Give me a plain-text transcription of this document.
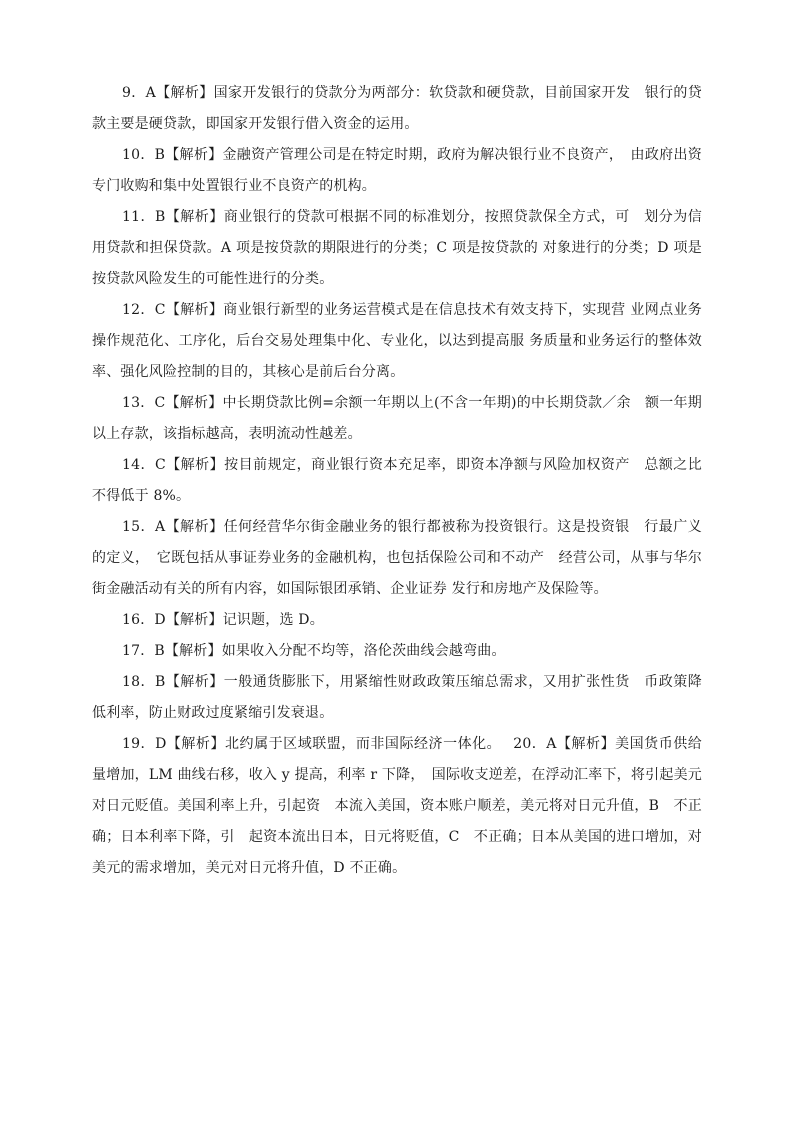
9．A【解析】国家开发银行的贷款分为两部分：软贷款和硬贷款，目前国家开发　银行的贷款主要是硬贷款，即国家开发银行借入资金的运用。

10．B【解析】金融资产管理公司是在特定时期，政府为解决银行业不良资产，　由政府出资专门收购和集中处置银行业不良资产的机构。

11．B【解析】商业银行的贷款可根据不同的标准划分，按照贷款保全方式，可　划分为信用贷款和担保贷款。A 项是按贷款的期限进行的分类；C 项是按贷款的 对象进行的分类；D 项是按贷款风险发生的可能性进行的分类。

12．C【解析】商业银行新型的业务运营模式是在信息技术有效支持下，实现营 业网点业务操作规范化、工序化，后台交易处理集中化、专业化，以达到提高服 务质量和业务运行的整体效率、强化风险控制的目的，其核心是前后台分离。

13．C【解析】中长期贷款比例=余额一年期以上(不含一年期)的中长期贷款／余　额一年期以上存款，该指标越高，表明流动性越差。

14．C【解析】按目前规定，商业银行资本充足率，即资本净额与风险加权资产　总额之比不得低于 8%。

15．A【解析】任何经营华尔街金融业务的银行都被称为投资银行。这是投资银　行最广义的定义，　它既包括从事证券业务的金融机构，也包括保险公司和不动产　经营公司，从事与华尔街金融活动有关的所有内容，如国际银团承销、企业证券 发行和房地产及保险等。

16．D【解析】记识题，选 D。

17．B【解析】如果收入分配不均等，洛伦茨曲线会越弯曲。

18．B【解析】一般通货膨胀下，用紧缩性财政政策压缩总需求，又用扩张性货　币政策降低利率，防止财政过度紧缩引发衰退。

19．D【解析】北约属于区域联盟，而非国际经济一体化。 20．A【解析】美国货币供给量增加，LM 曲线右移，收入 y 提高，利率 r 下降，　国际收支逆差，在浮动汇率下，将引起美元对日元贬值。美国利率上升，引起资　本流入美国，资本账户顺差，美元将对日元升值，B　不正确；日本利率下降，引　起资本流出日本，日元将贬值，C　不正确；日本从美国的进口增加，对美元的需求增加，美元对日元将升值，D 不正确。
